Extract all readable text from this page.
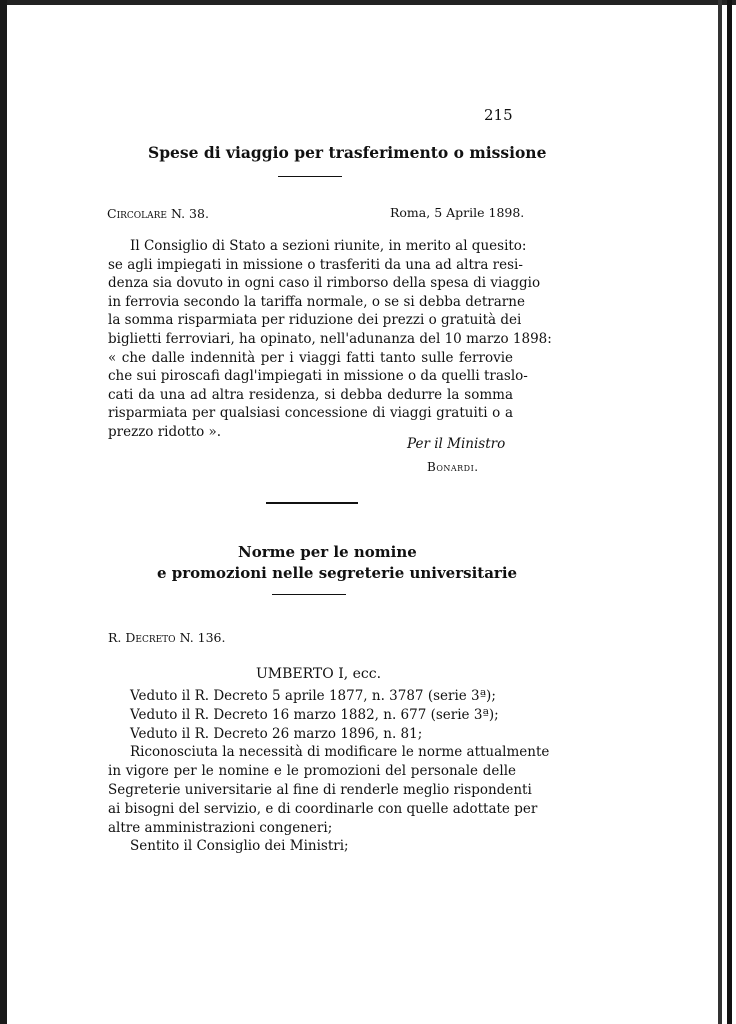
215
Spese di viaggio per trasferimento o missione
Circolare N. 38.	Roma, 5 Aprile 1898.
Il Consiglio di Stato a sezioni riunite, in merito al quesito:
se agli impiegati in missione o trasferiti da una ad altra resi-
denza sia dovuto in ogni caso il rimborso della spesa di viaggio
in ferrovia secondo la tariffa normale, o se si debba detrarne
la somma risparmiata per riduzione dei prezzi o gratuità dei
biglietti ferroviari, ha opinato, nell'adunanza del 10 marzo 1898:
« che dalle indennità per i viaggi fatti tanto sulle ferrovie
che sui piroscafi dagl'impiegati in missione o da quelli traslo-
cati da una ad altra residenza, si debba dedurre la somma
risparmiata per qualsiasi concessione di viaggi gratuiti o a
prezzo ridotto ».
Per il Ministro
Bonardi.
Norme per le nomine
e promozioni nelle segreterie universitarie
R. Decreto N. 136.
UMBERTO I, ecc.
Veduto il R. Decreto 5 aprile 1877, n. 3787 (serie 3ª);
Veduto il R. Decreto 16 marzo 1882, n. 677 (serie 3ª);
Veduto il R. Decreto 26 marzo 1896, n. 81;
Riconosciuta la necessità di modificare le norme attualmente
in vigore per le nomine e le promozioni del personale delle
Segreterie universitarie al fine di renderle meglio rispondenti
ai bisogni del servizio, e di coordinarle con quelle adottate per
altre amministrazioni congeneri;
Sentito il Consiglio dei Ministri;
